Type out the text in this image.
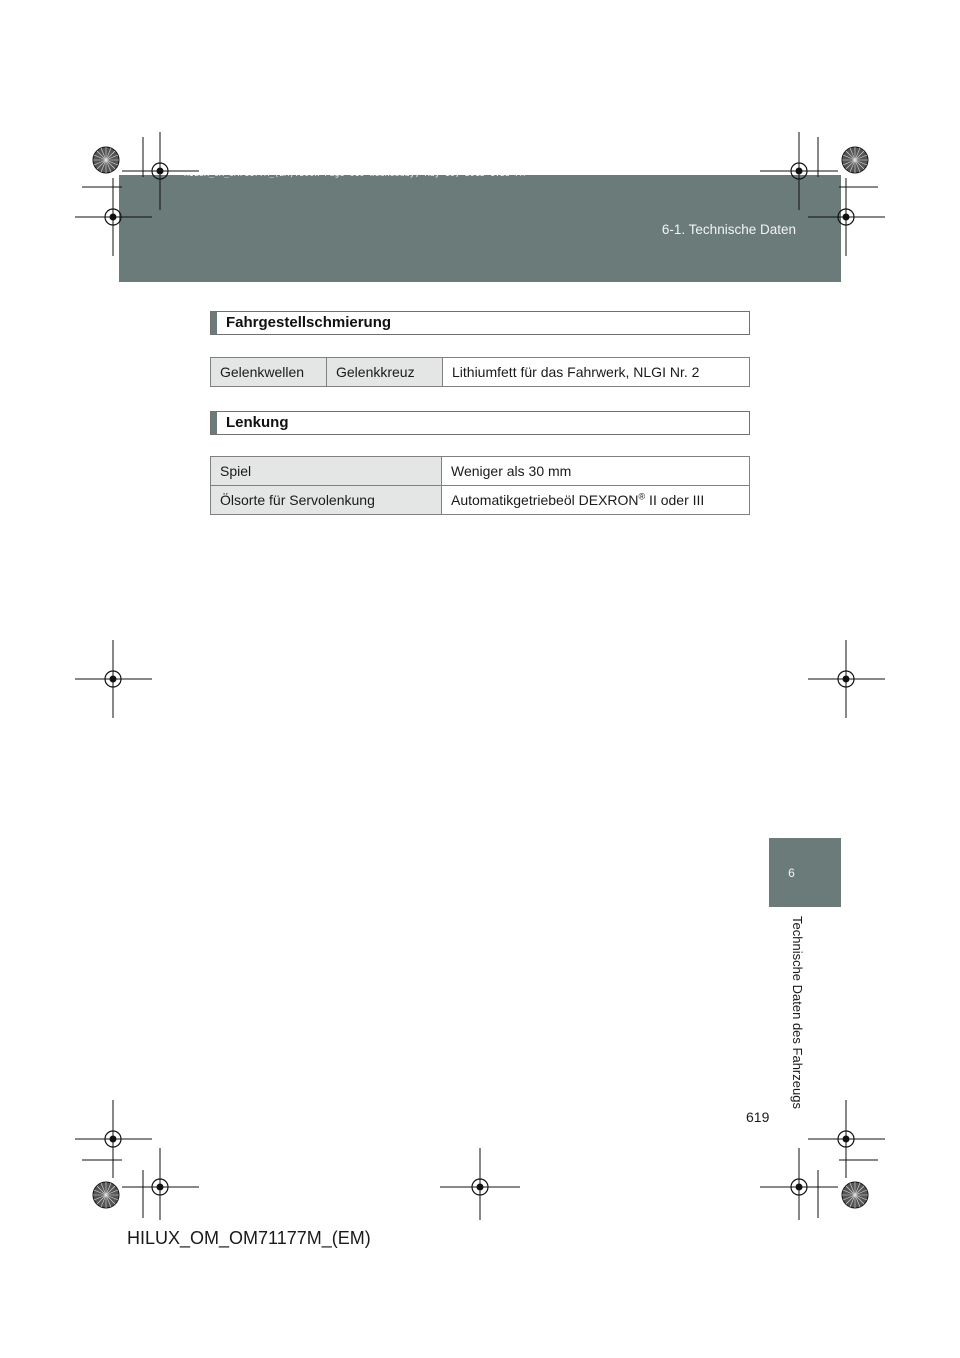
HILUX_OM_OM71177M_(EM).book Page 619 Wednesday, May 16, 2012 1:28 PM
6-1. Technische Daten
Fahrgestellschmierung
Gelenkwellen	Gelenkkreuz	Lithiumfett für das Fahrwerk, NLGI Nr. 2
Lenkung
Spiel	Weniger als 30 mm
Ölsorte für Servolenkung	Automatikgetriebeöl DEXRON® II oder III
6
Technische Daten des Fahrzeugs
619
HILUX_OM_OM71177M_(EM)
